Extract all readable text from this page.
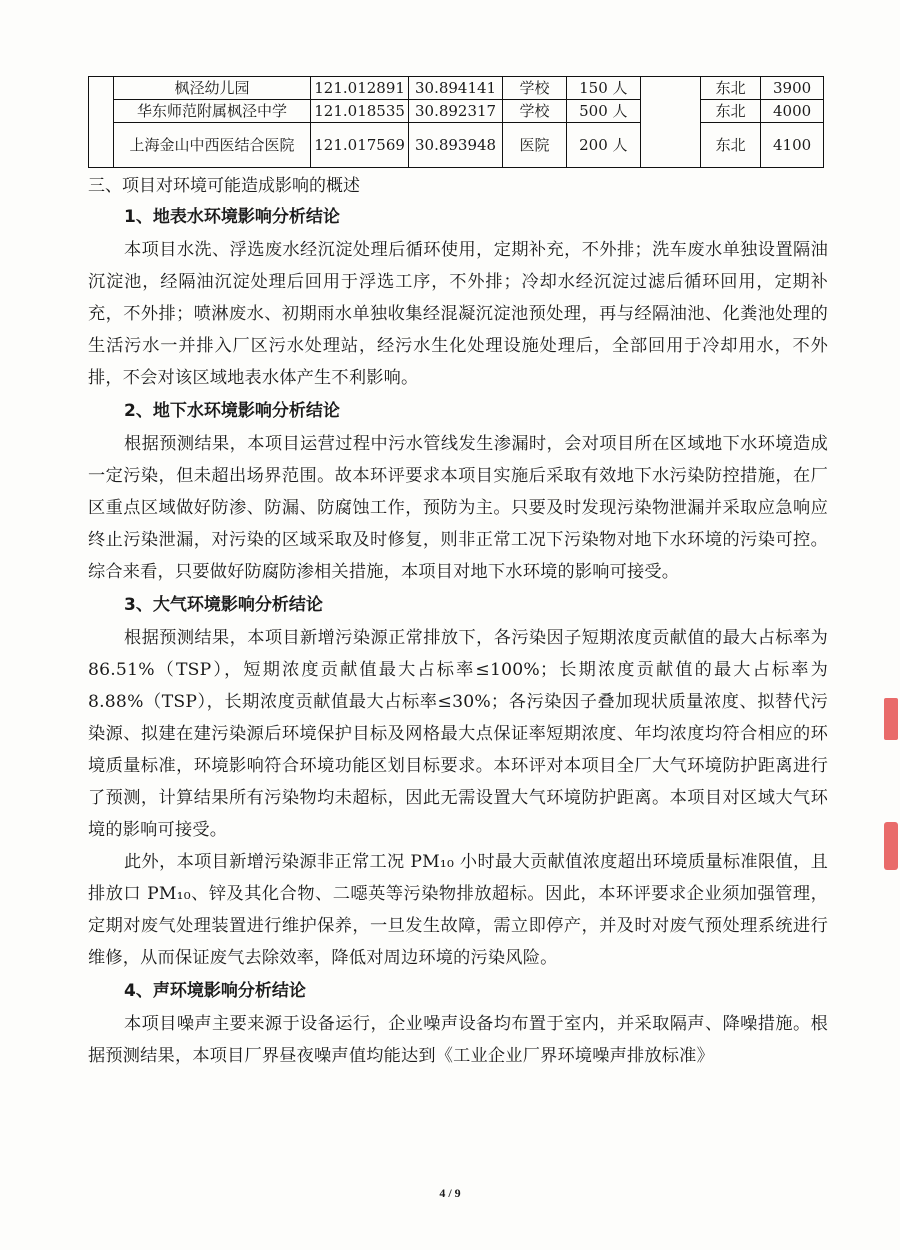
	枫泾幼儿园	121.012891	30.894141	学校	150 人		东北	3900
	华东师范附属枫泾中学	121.018535	30.892317	学校	500 人		东北	4000
	上海金山中西医结合医院	121.017569	30.893948	医院	200 人		东北	4100
三、项目对环境可能造成影响的概述
1、地表水环境影响分析结论

本项目水洗、浮选废水经沉淀处理后循环使用，定期补充，不外排；洗车废水单独设置隔油沉淀池，经隔油沉淀处理后回用于浮选工序，不外排；冷却水经沉淀过滤后循环回用，定期补充，不外排；喷淋废水、初期雨水单独收集经混凝沉淀池预处理，再与经隔油池、化粪池处理的生活污水一并排入厂区污水处理站，经污水生化处理设施处理后，全部回用于冷却用水，不外排，不会对该区域地表水体产生不利影响。

2、地下水环境影响分析结论

根据预测结果，本项目运营过程中污水管线发生渗漏时，会对项目所在区域地下水环境造成一定污染，但未超出场界范围。故本环评要求本项目实施后采取有效地下水污染防控措施，在厂区重点区域做好防渗、防漏、防腐蚀工作，预防为主。只要及时发现污染物泄漏并采取应急响应终止污染泄漏，对污染的区域采取及时修复，则非正常工况下污染物对地下水环境的污染可控。综合来看，只要做好防腐防渗相关措施，本项目对地下水环境的影响可接受。

3、大气环境影响分析结论

根据预测结果，本项目新增污染源正常排放下，各污染因子短期浓度贡献值的最大占标率为 86.51%（TSP），短期浓度贡献值最大占标率≤100%；长期浓度贡献值的最大占标率为 8.88%（TSP），长期浓度贡献值最大占标率≤30%；各污染因子叠加现状质量浓度、拟替代污染源、拟建在建污染源后环境保护目标及网格最大点保证率短期浓度、年均浓度均符合相应的环境质量标准，环境影响符合环境功能区划目标要求。本环评对本项目全厂大气环境防护距离进行了预测，计算结果所有污染物均未超标，因此无需设置大气环境防护距离。本项目对区域大气环境的影响可接受。

此外，本项目新增污染源非正常工况 PM₁₀ 小时最大贡献值浓度超出环境质量标准限值，且排放口 PM₁₀、锌及其化合物、二噁英等污染物排放超标。因此，本环评要求企业须加强管理，定期对废气处理装置进行维护保养，一旦发生故障，需立即停产，并及时对废气预处理系统进行维修，从而保证废气去除效率，降低对周边环境的污染风险。

4、声环境影响分析结论

本项目噪声主要来源于设备运行，企业噪声设备均布置于室内，并采取隔声、降噪措施。根据预测结果，本项目厂界昼夜噪声值均能达到《工业企业厂界环境噪声排放标准》

4 / 9
